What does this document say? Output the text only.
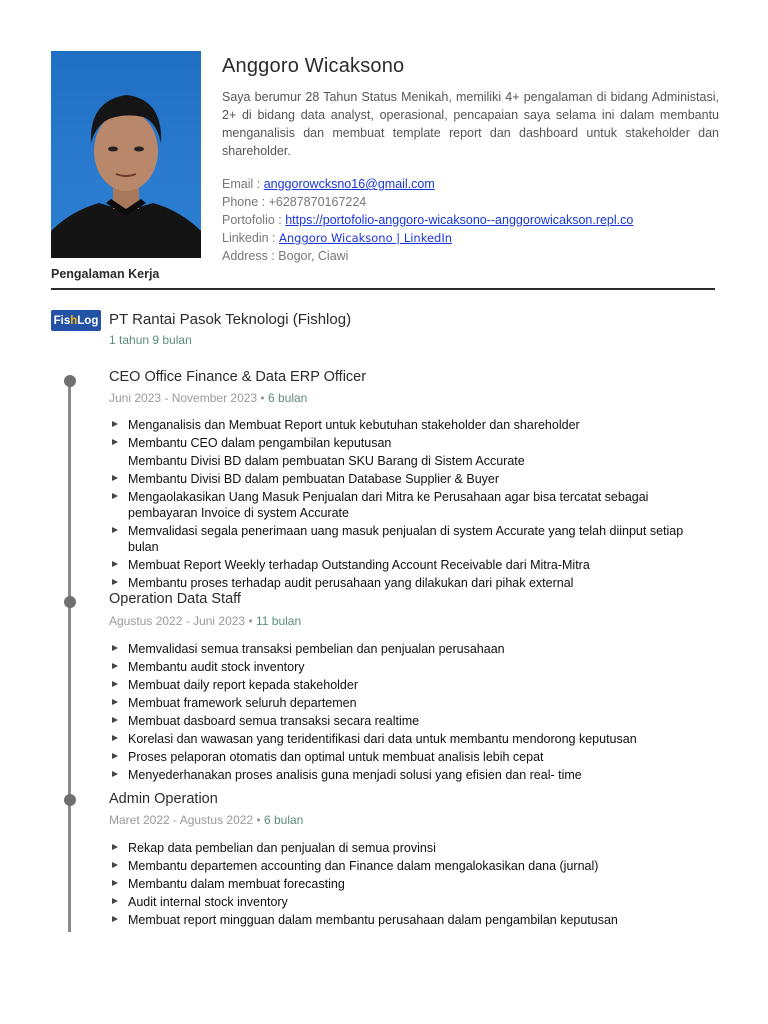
Anggoro Wicaksono
Saya berumur 28 Tahun Status Menikah, memiliki 4+ pengalaman di bidang Administasi, 2+ di bidang data analyst, operasional, pencapaian saya selama ini dalam membantu menganalisis dan membuat template report dan dashboard untuk stakeholder dan shareholder.
Email : anggorowcksno16@gmail.com
Phone : +6287870167224
Portofolio : https://portofolio-anggoro-wicaksono--anggorowicakson.repl.co
Linkedin : Anggoro Wicaksono | LinkedIn
Address : Bogor, Ciawi
Pengalaman Kerja
Fis h Log PT Rantai Pasok Teknologi (Fishlog)
1 tahun 9 bulan
CEO Office Finance & Data ERP Officer
Juni 2023 - November 2023 • 6 bulan
Menganalisis dan Membuat Report untuk kebutuhan stakeholder dan shareholder
Membantu CEO dalam pengambilan keputusan
Membantu Divisi BD dalam pembuatan SKU Barang di Sistem Accurate
Membantu Divisi BD dalam pembuatan Database Supplier & Buyer
Mengaolakasikan Uang Masuk Penjualan dari Mitra ke Perusahaan agar bisa tercatat sebagai pembayaran Invoice di system Accurate
Memvalidasi segala penerimaan uang masuk penjualan di system Accurate yang telah diinput setiap bulan
Membuat Report Weekly terhadap Outstanding Account Receivable dari Mitra-Mitra
Membantu proses terhadap audit perusahaan yang dilakukan dari pihak external
Operation Data Staff
Agustus 2022 - Juni 2023 • 11 bulan
Memvalidasi semua transaksi pembelian dan penjualan perusahaan
Membantu audit stock inventory
Membuat daily report kepada stakeholder
Membuat framework seluruh departemen
Membuat dasboard semua transaksi secara realtime
Korelasi dan wawasan yang teridentifikasi dari data untuk membantu mendorong keputusan
Proses pelaporan otomatis dan optimal untuk membuat analisis lebih cepat
Menyederhanakan proses analisis guna menjadi solusi yang efisien dan real- time
Admin Operation
Maret 2022 - Agustus 2022 • 6 bulan
Rekap data pembelian dan penjualan di semua provinsi
Membantu departemen accounting dan Finance dalam mengalokasikan dana (jurnal)
Membantu dalam membuat forecasting
Audit internal stock inventory
Membuat report mingguan dalam membantu perusahaan dalam pengambilan keputusan
